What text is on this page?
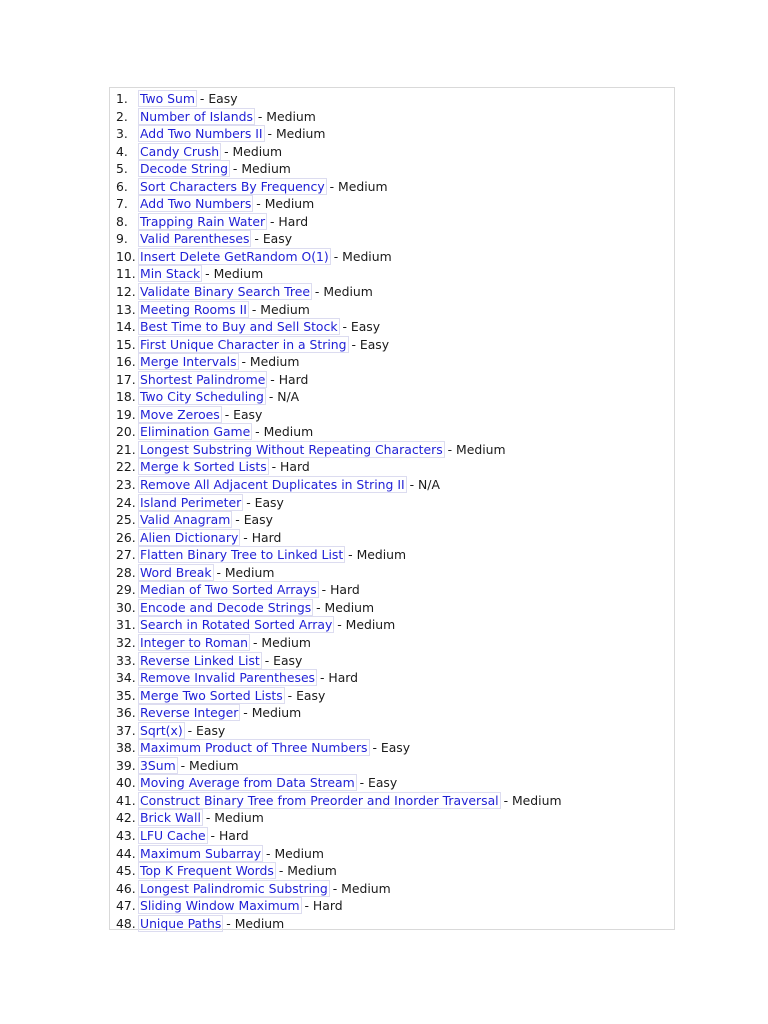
1. Two Sum - Easy
2. Number of Islands - Medium
3. Add Two Numbers II - Medium
4. Candy Crush - Medium
5. Decode String - Medium
6. Sort Characters By Frequency - Medium
7. Add Two Numbers - Medium
8. Trapping Rain Water - Hard
9. Valid Parentheses - Easy
10. Insert Delete GetRandom O(1) - Medium
11. Min Stack - Medium
12. Validate Binary Search Tree - Medium
13. Meeting Rooms II - Medium
14. Best Time to Buy and Sell Stock - Easy
15. First Unique Character in a String - Easy
16. Merge Intervals - Medium
17. Shortest Palindrome - Hard
18. Two City Scheduling - N/A
19. Move Zeroes - Easy
20. Elimination Game - Medium
21. Longest Substring Without Repeating Characters - Medium
22. Merge k Sorted Lists - Hard
23. Remove All Adjacent Duplicates in String II - N/A
24. Island Perimeter - Easy
25. Valid Anagram - Easy
26. Alien Dictionary - Hard
27. Flatten Binary Tree to Linked List - Medium
28. Word Break - Medium
29. Median of Two Sorted Arrays - Hard
30. Encode and Decode Strings - Medium
31. Search in Rotated Sorted Array - Medium
32. Integer to Roman - Medium
33. Reverse Linked List - Easy
34. Remove Invalid Parentheses - Hard
35. Merge Two Sorted Lists - Easy
36. Reverse Integer - Medium
37. Sqrt(x) - Easy
38. Maximum Product of Three Numbers - Easy
39. 3Sum - Medium
40. Moving Average from Data Stream - Easy
41. Construct Binary Tree from Preorder and Inorder Traversal - Medium
42. Brick Wall - Medium
43. LFU Cache - Hard
44. Maximum Subarray - Medium
45. Top K Frequent Words - Medium
46. Longest Palindromic Substring - Medium
47. Sliding Window Maximum - Hard
48. Unique Paths - Medium
